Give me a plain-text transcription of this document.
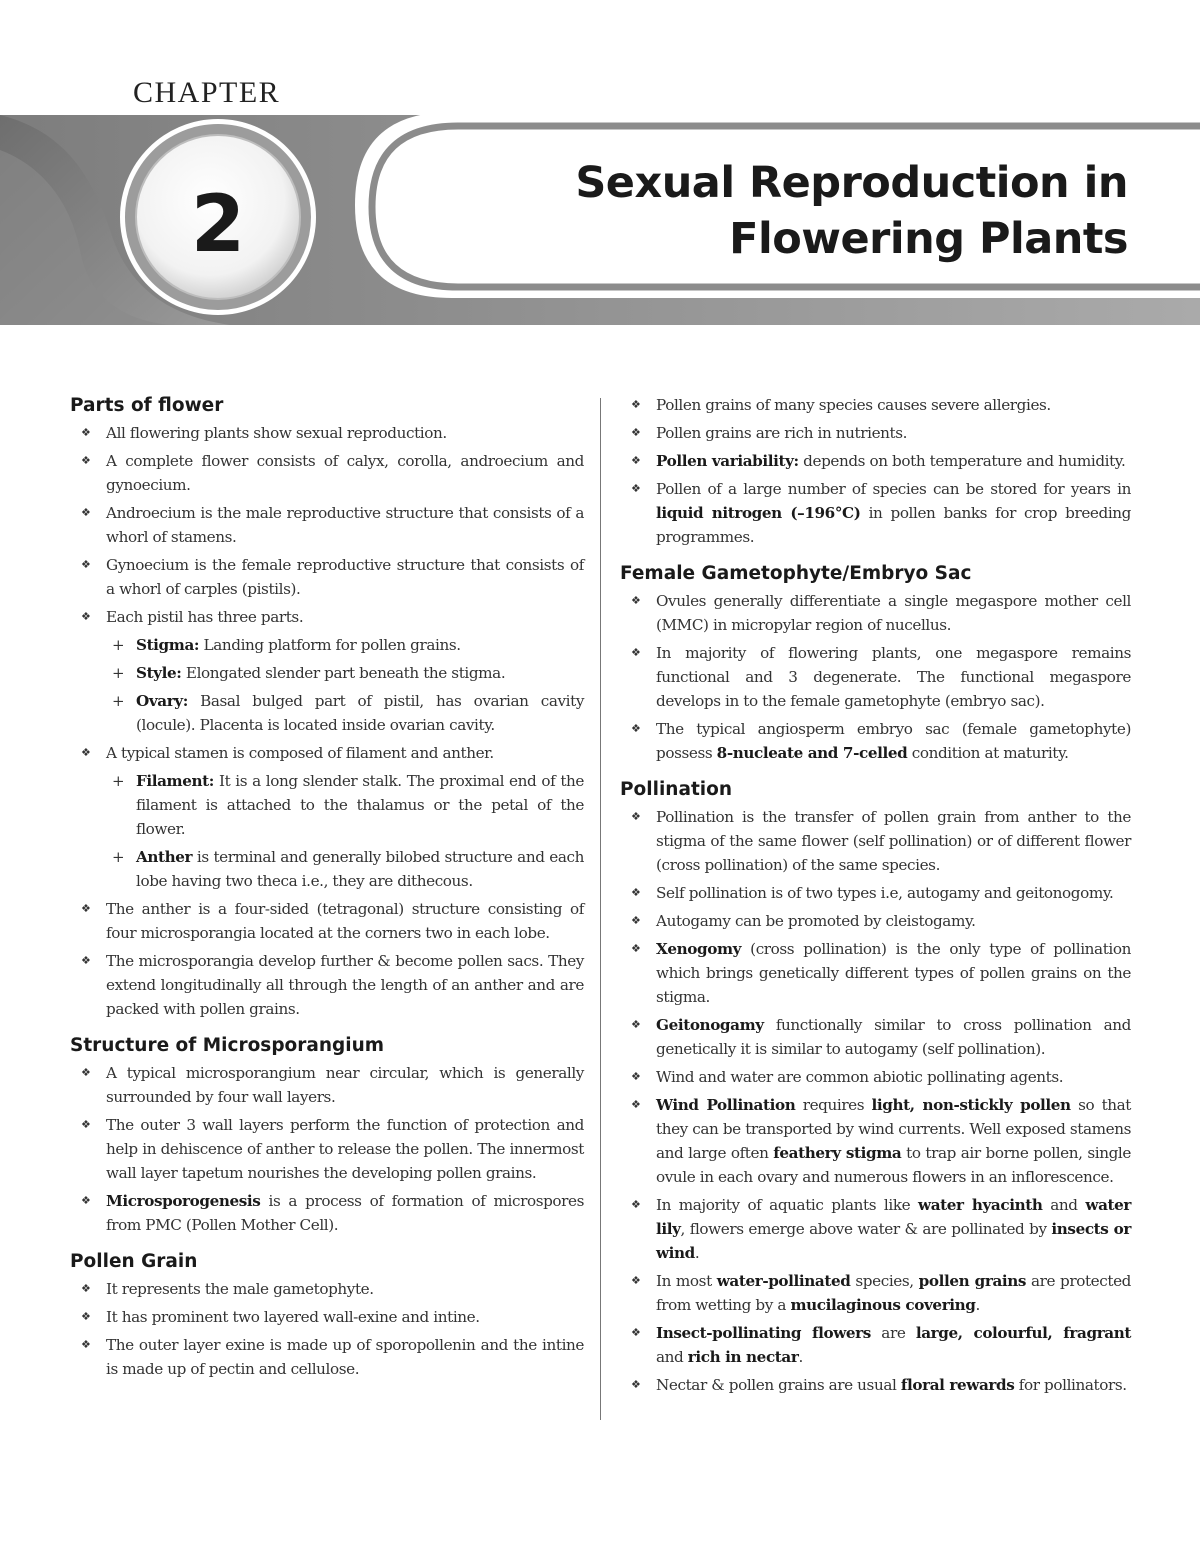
CHAPTER
2	Sexual Reproduction in
Flowering Plants
Parts of flower
❖ All flowering plants show sexual reproduction.
❖ A complete flower consists of calyx, corolla, androecium and gynoecium.
❖ Androecium is the male reproductive structure that consists of a whorl of stamens.
❖ Gynoecium is the female reproductive structure that consists of a whorl of carples (pistils).
❖ Each pistil has three parts.
+ Stigma: Landing platform for pollen grains.
+ Style: Elongated slender part beneath the stigma.
+ Ovary: Basal bulged part of pistil, has ovarian cavity (locule). Placenta is located inside ovarian cavity.
❖ A typical stamen is composed of filament and anther.
+ Filament: It is a long slender stalk. The proximal end of the filament is attached to the thalamus or the petal of the flower.
+ Anther is terminal and generally bilobed structure and each lobe having two theca i.e., they are dithecous.
❖ The anther is a four-sided (tetragonal) structure consisting of four microsporangia located at the corners two in each lobe.
❖ The microsporangia develop further & become pollen sacs. They extend longitudinally all through the length of an anther and are packed with pollen grains.
Structure of Microsporangium
❖ A typical microsporangium near circular, which is generally surrounded by four wall layers.
❖ The outer 3 wall layers perform the function of protection and help in dehiscence of anther to release the pollen. The innermost wall layer tapetum nourishes the developing pollen grains.
❖ Microsporogenesis is a process of formation of microspores from PMC (Pollen Mother Cell).
Pollen Grain
❖ It represents the male gametophyte.
❖ It has prominent two layered wall-exine and intine.
❖ The outer layer exine is made up of sporopollenin and the intine is made up of pectin and cellulose.
❖ Pollen grains of many species causes severe allergies.
❖ Pollen grains are rich in nutrients.
❖ Pollen variability: depends on both temperature and humidity.
❖ Pollen of a large number of species can be stored for years in liquid nitrogen (–196°C) in pollen banks for crop breeding programmes.
Female Gametophyte/Embryo Sac
❖ Ovules generally differentiate a single megaspore mother cell (MMC) in micropylar region of nucellus.
❖ In majority of flowering plants, one megaspore remains functional and 3 degenerate. The functional megaspore develops in to the female gametophyte (embryo sac).
❖ The typical angiosperm embryo sac (female gametophyte) possess 8-nucleate and 7-celled condition at maturity.
Pollination
❖ Pollination is the transfer of pollen grain from anther to the stigma of the same flower (self pollination) or of different flower (cross pollination) of the same species.
❖ Self pollination is of two types i.e, autogamy and geitonogomy.
❖ Autogamy can be promoted by cleistogamy.
❖ Xenogomy (cross pollination) is the only type of pollination which brings genetically different types of pollen grains on the stigma.
❖ Geitonogamy functionally similar to cross pollination and genetically it is similar to autogamy (self pollination).
❖ Wind and water are common abiotic pollinating agents.
❖ Wind Pollination requires light, non-stickly pollen so that they can be transported by wind currents. Well exposed stamens and large often feathery stigma to trap air borne pollen, single ovule in each ovary and numerous flowers in an inflorescence.
❖ In majority of aquatic plants like water hyacinth and water lily, flowers emerge above water & are pollinated by insects or wind.
❖ In most water-pollinated species, pollen grains are protected from wetting by a mucilaginous covering.
❖ Insect-pollinating flowers are large, colourful, fragrant and rich in nectar.
❖ Nectar & pollen grains are usual floral rewards for pollinators.
